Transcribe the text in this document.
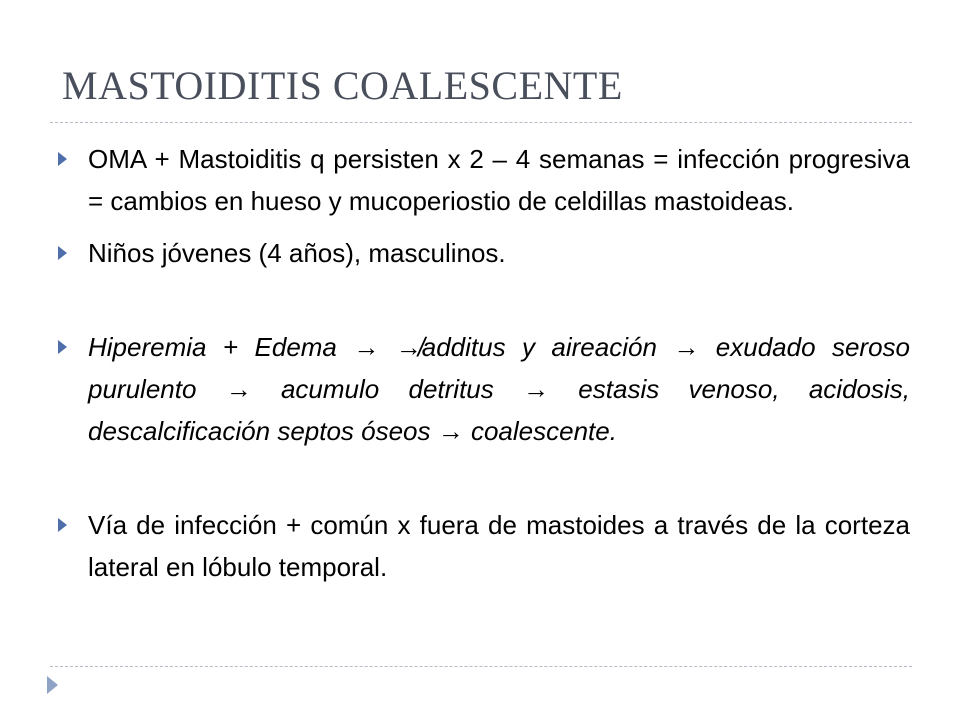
MASTOIDITIS COALESCENTE
OMA + Mastoiditis q persisten x 2 – 4 semanas = infección progresiva = cambios en hueso y mucoperiostio de celdillas mastoideas.
Niños jóvenes (4 años), masculinos.
Hiperemia + Edema → ↛additus y aireación → exudado seroso purulento → acumulo detritus → estasis venoso, acidosis, descalcificación septos óseos → coalescente.
Vía de infección + común x fuera de mastoides a través de la corteza lateral en lóbulo temporal.
